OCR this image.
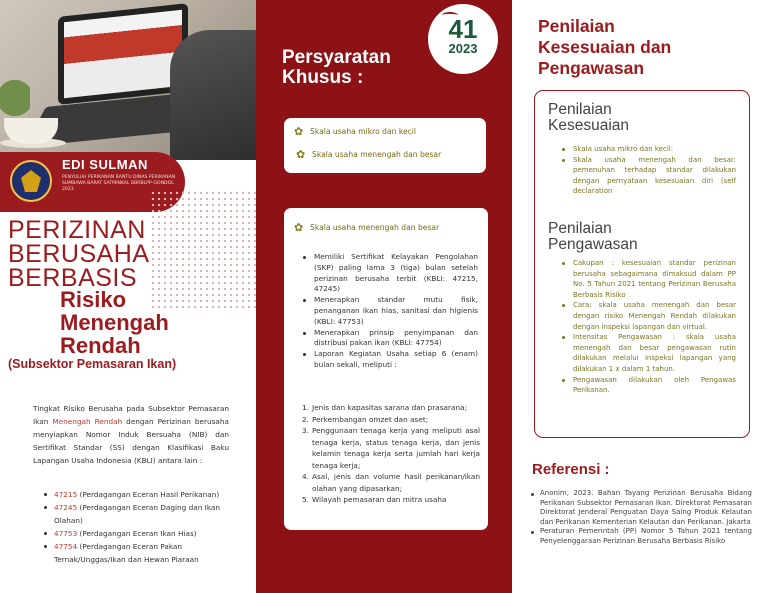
EDI SULMAN
PENYULUH PERIKANAN BANTU DINAS PERIKANAN SUMBAWA BARAT SATMINKAL BBRBLPP-GONDOL 2023
PERIZINAN
BERUSAHA
BERBASIS
Risiko
Menengah
Rendah
(Subsektor Pemasaran Ikan)

Tingkat Risiko Berusaha pada Subsektor Pemasaran Ikan Menengah Rendah dengan Perizinan berusaha menyiapkan Nomor Induk Bersuaha (NIB) dan Sertifikat Standar (SS) dengan Klasifikasi Baku Lapangan Usaha Indonesia (KBLI) antara lain :

47215 (Perdagangan Eceran Hasil Perikanan)
47245 (Perdagangan Eceran Daging dan Ikan Olahan)
47753 (Perdagangan Eceran Ikan Hias)
47754 (Perdagangan Eceran Pakan Ternak/Unggas/Ikan dan Hewan Piaraan
Persyaratan
Khusus :
41
2023
✿ Skala usaha mikro dan kecil
✿ Skala usaha menengah dan besar
✿ Skala usaha menengah dan besar
Memiliki Sertifikat Kelayakan Pengolahan (SKP) paling lama 3 (tiga) bulan setelah perizinan berusaha terbit (KBLI: 47215, 47245)
Menerapkan standar mutu fisik, penanganan ikan hias, sanitasi dan higienis (KBLI: 47753)
Menerapkan prinsip penyimpanan dan distribusi pakan ikan (KBLI: 47754)
Laporan Kegiatan Usaha setiap 6 (enam) bulan sekali, meliputi :
1. Jenis dan kapasitas sarana dan prasarana;
2. Perkembangan omzet dan aset;
3. Penggunaan tenaga kerja yang meliputi asal tenaga kerja, status tenaga kerja, dan jenis kelamin tenaga kerja serta jumlah hari kerja tenaga kerja;
4. Asal, jenis dan volume hasil perikanan/ikan olahan yang dipasarkan;
5. Wilayah pemasaran dan mitra usaha
Penilaian
Kesesuaian dan
Pengawasan
Penilaian
Kesesuaian
Skala usaha mikro dan kecil:
Skala usaha menengah dan besar: pemenuhan terhadap standar dilakukan dengan pernyataan kesesuaian diri (self declaration
Penilaian
Pengawasan
Cakupan : kesesuaian standar perizinan berusaha sebagaimana dimaksud dalam PP No. 5 Tahun 2021 tentang Perizinan Berusaha Berbasis Risiko
Cara: skala usaha menengah dan besar dengan risiko Menengah Rendah dilakukan dengan inspeksi lapangan dan virtual.
Intensitas Pengawasan : skala usaha menengah dan besar pengawasan rutin dilakukan melalui inspeksi lapangan yang dilakukan 1 x dalam 1 tahun.
Pengawasan dilakukan oleh Pengawas Perikanan.
Referensi :
Anonim, 2023. Bahan Tayang Perizinan Berusaha Bidang Perikanan Subsektor Pemasaran Ikan. Direktorat Pemasaran Direktorat Jenderal Penguatan Daya Saing Produk Kelautan dan Perikanan Kementerian Kelautan dan Perikanan. Jakarta
Peraturan Pemerintah (PP) Nomor 5 Tahun 2021 tentang Penyelenggaraan Perizinan Berusaha Berbasis Risiko
